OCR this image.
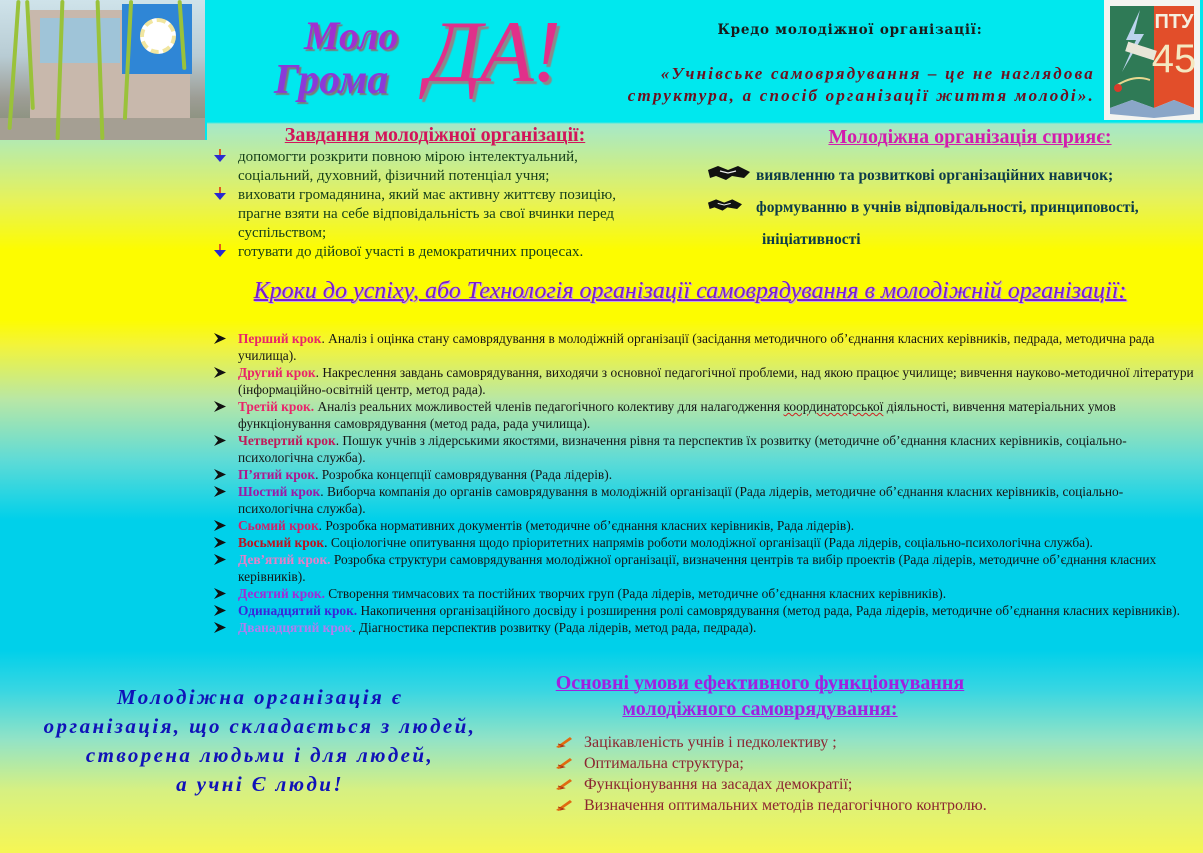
Моло
Грома ДА!	Кредо молодіжної організації:
«Учнівське самоврядування – це не наглядова структура, а спосіб організації життя молоді».
ПТУ
45
Завдання молодіжної організації:
допомогти розкрити повною мірою інтелектуальний, соціальний, духовний, фізичний потенціал учня;
виховати громадянина, який має активну життєву позицію, прагне взяти на себе відповідальність за свої вчинки перед суспільством;
готувати до дійової участі в демократичних процесах.
Молодіжна організація сприяє:
виявленню та розвиткові організаційних навичок;
формуванню в учнів відповідальності, принциповості,
ініціативності
Кроки до успіху, або Технологія організації самоврядування в молодіжній організації:
Перший крок. Аналіз і оцінка стану самоврядування в молодіжній організації (засідання методичного об’єднання класних керівників, педрада, методична рада училища).
Другий крок. Накреслення завдань самоврядування, виходячи з основної педагогічної проблеми, над якою працює училище; вивчення науково-методичної літератури (інформаційно-освітній центр, метод рада).
Третій крок. Аналіз реальних можливостей членів педагогічного колективу для налагодження координаторської діяльності, вивчення матеріальних умов функціонування самоврядування (метод рада, рада училища).
Четвертий крок. Пошук учнів з лідерськими якостями, визначення рівня та перспектив їх розвитку (методичне об’єднання класних керівників, соціально-психологічна служба).
П’ятий крок. Розробка концепції самоврядування (Рада лідерів).
Шостий крок. Виборча компанія до органів самоврядування в молодіжній організації (Рада лідерів, методичне об’єднання класних керівників, соціально-психологічна служба).
Сьомий крок. Розробка нормативних документів (методичне об’єднання класних керівників, Рада лідерів).
Восьмий крок. Соціологічне опитування щодо пріоритетних напрямів роботи молодіжної організації (Рада лідерів, соціально-психологічна служба).
Дев’ятий крок. Розробка структури самоврядування молодіжної організації, визначення центрів та вибір проектів (Рада лідерів, методичне об’єднання класних керівників).
Десятий крок. Створення тимчасових та постійних творчих груп (Рада лідерів, методичне об’єднання класних керівників).
Одинадцятий крок. Накопичення організаційного досвіду і розширення ролі самоврядування (метод рада, Рада лідерів, методичне об’єднання класних керівників).
Дванадцятий крок. Діагностика перспектив розвитку (Рада лідерів, метод рада, педрада).
Молодіжна організація є
організація, що складається з людей,
створена людьми і для людей,
а учні Є люди!
Основні умови ефективного функціонування
молодіжного самоврядування:
Зацікавленість учнів і педколективу ;
Оптимальна структура;
Функціонування на засадах демократії;
Визначення оптимальних методів педагогічного контролю.
